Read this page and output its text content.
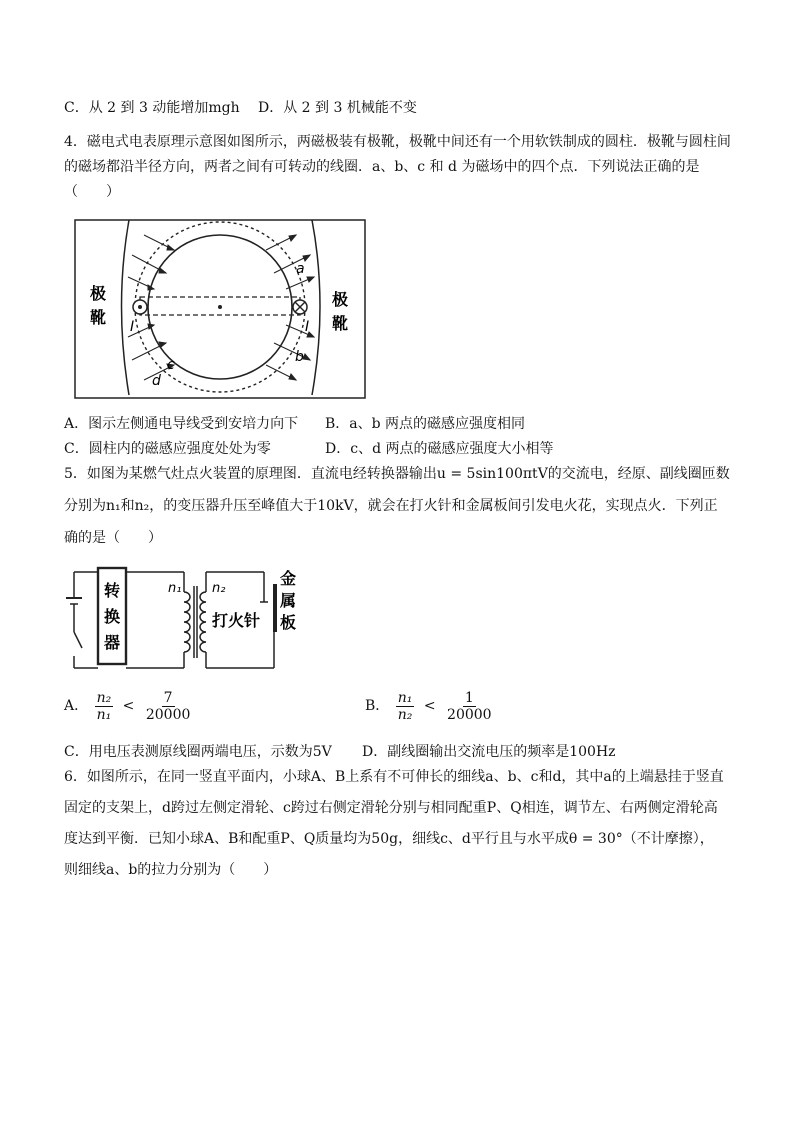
C．从 2 到 3 动能增加mgh D．从 2 到 3 机械能不变
4．磁电式电表原理示意图如图所示，两磁极装有极靴，极靴中间还有一个用软铁制成的圆柱．极靴与圆柱间
的磁场都沿半径方向，两者之间有可转动的线圈．a、b、c 和 d 为磁场中的四个点．下列说法正确的是
（　　）
极
靴
极
靴
a
b
c
d
I	I
A．图示左侧通电导线受到安培力向下 B．a、b 两点的磁感应强度相同
C．圆柱内的磁感应强度处处为零	D．c、d 两点的磁感应强度大小相等
5．如图为某燃气灶点火装置的原理图．直流电经转换器输出u = 5sin100πtV的交流电，经原、副线圈匝数
分别为n₁和n₂，的变压器升压至峰值大于10kV，就会在打火针和金属板间引发电火花，实现点火．下列正
确的是（　　）
转
换
器
n₁ n₂
打火针
金
属
板
A． $\frac{\text{n₂}}{\text{n₁}} < \frac{7}{20000}$	B． $\frac{\text{n₁}}{\text{n₂}} < \frac{1}{20000}$
C．用电压表测原线圈两端电压，示数为5V D．副线圈输出交流电压的频率是100Hz
6．如图所示，在同一竖直平面内，小球A、B上系有不可伸长的细线a、b、c和d，其中a的上端悬挂于竖直
固定的支架上，d跨过左侧定滑轮、c跨过右侧定滑轮分别与相同配重P、Q相连，调节左、右两侧定滑轮高
度达到平衡．已知小球A、B和配重P、Q质量均为50g，细线c、d平行且与水平成θ = 30°（不计摩擦），
则细线a、b的拉力分别为（　　）
